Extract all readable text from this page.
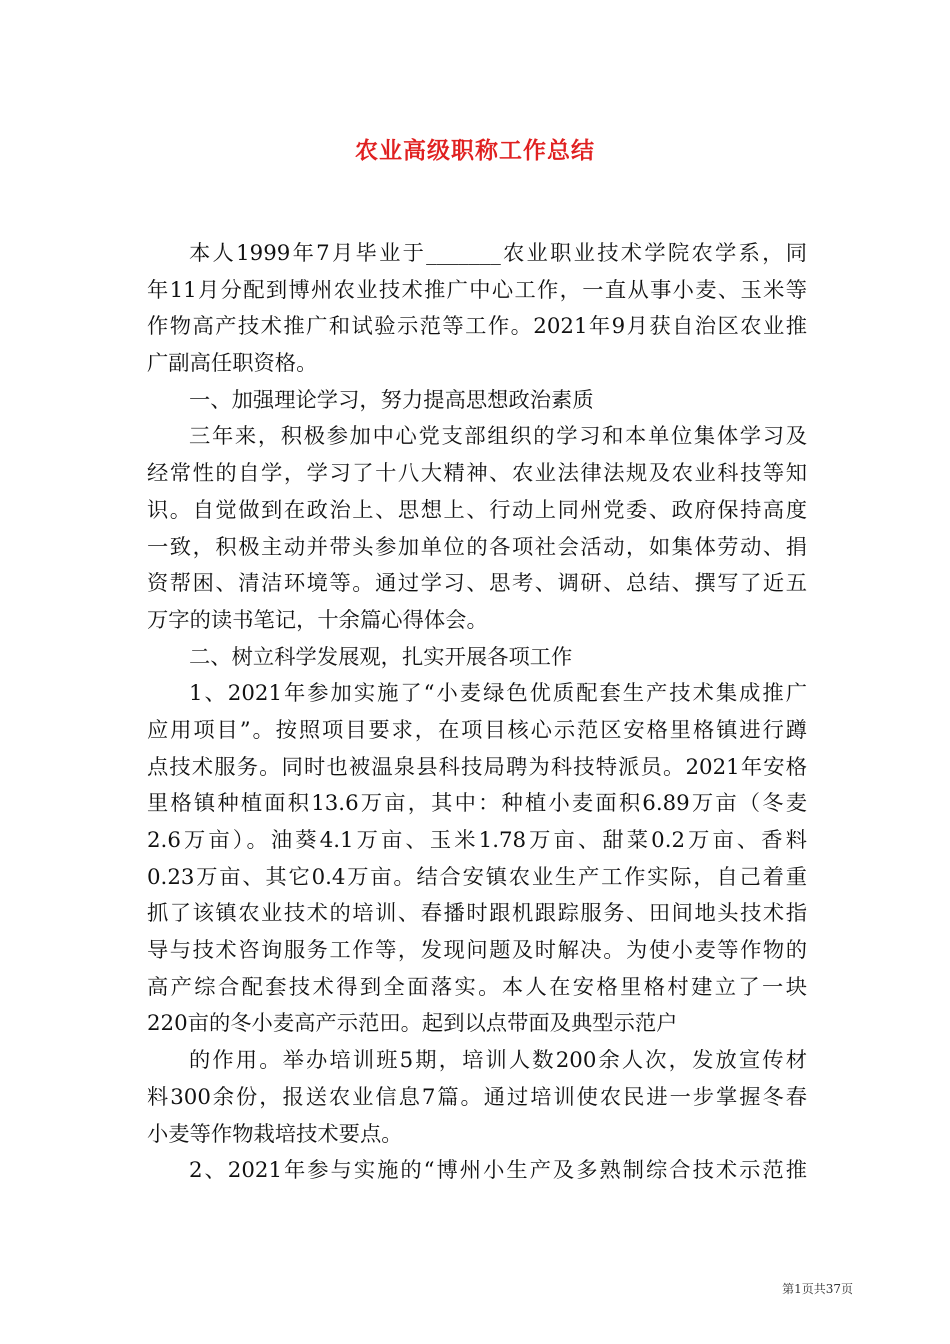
农业高级职称工作总结
本人1999年7月毕业于_______农业职业技术学院农学系，同
年11月分配到博州农业技术推广中心工作，一直从事小麦、玉米等
作物高产技术推广和试验示范等工作。2021年9月获自治区农业推
广副高任职资格。
一、加强理论学习，努力提高思想政治素质
三年来，积极参加中心党支部组织的学习和本单位集体学习及
经常性的自学，学习了十八大精神、农业法律法规及农业科技等知
识。自觉做到在政治上、思想上、行动上同州党委、政府保持高度
一致，积极主动并带头参加单位的各项社会活动，如集体劳动、捐
资帮困、清洁环境等。通过学习、思考、调研、总结、撰写了近五
万字的读书笔记，十余篇心得体会。
二、树立科学发展观，扎实开展各项工作
1、2021年参加实施了“小麦绿色优质配套生产技术集成推广
应用项目”。按照项目要求，在项目核心示范区安格里格镇进行蹲
点技术服务。同时也被温泉县科技局聘为科技特派员。2021年安格
里格镇种植面积13.6万亩，其中：种植小麦面积6.89万亩（冬麦
2.6万亩）。油葵4.1万亩、玉米1.78万亩、甜菜0.2万亩、香料
0.23万亩、其它0.4万亩。结合安镇农业生产工作实际，自己着重
抓了该镇农业技术的培训、春播时跟机跟踪服务、田间地头技术指
导与技术咨询服务工作等，发现问题及时解决。为使小麦等作物的
高产综合配套技术得到全面落实。本人在安格里格村建立了一块
220亩的冬小麦高产示范田。起到以点带面及典型示范户
的作用。举办培训班5期，培训人数200余人次，发放宣传材
料300余份，报送农业信息7篇。通过培训使农民进一步掌握冬春
小麦等作物栽培技术要点。
2、2021年参与实施的“博州小生产及多熟制综合技术示范推
第1页共37页
